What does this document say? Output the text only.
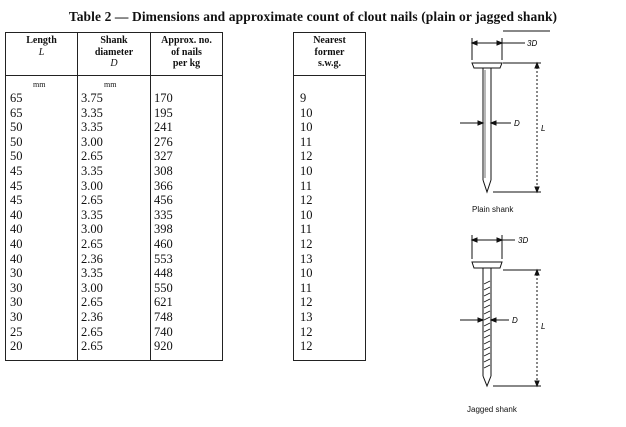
Table 2 — Dimensions and approximate count of clout nails (plain or jagged shank)
Length
L
Shank
diameter
D
Approx. no.
of nails
per kg
mm	mm
65
65
50
50
50
45
45
45
40
40
40
40
30
30
30
30
25
20
3.75
3.35
3.35
3.00
2.65
3.35
3.00
2.65
3.35
3.00
2.65
2.36
3.35
3.00
2.65
2.36
2.65
2.65
170
195
241
276
327
308
366
456
335
398
460
553
448
550
621
748
740
920
Nearest
former
s.w.g.
9
10
10
11
12
10
11
12
10
11
12
13
10
11
12
13
12
12
3D
D
L
Plain shank
3D
D
L
Jagged shank
